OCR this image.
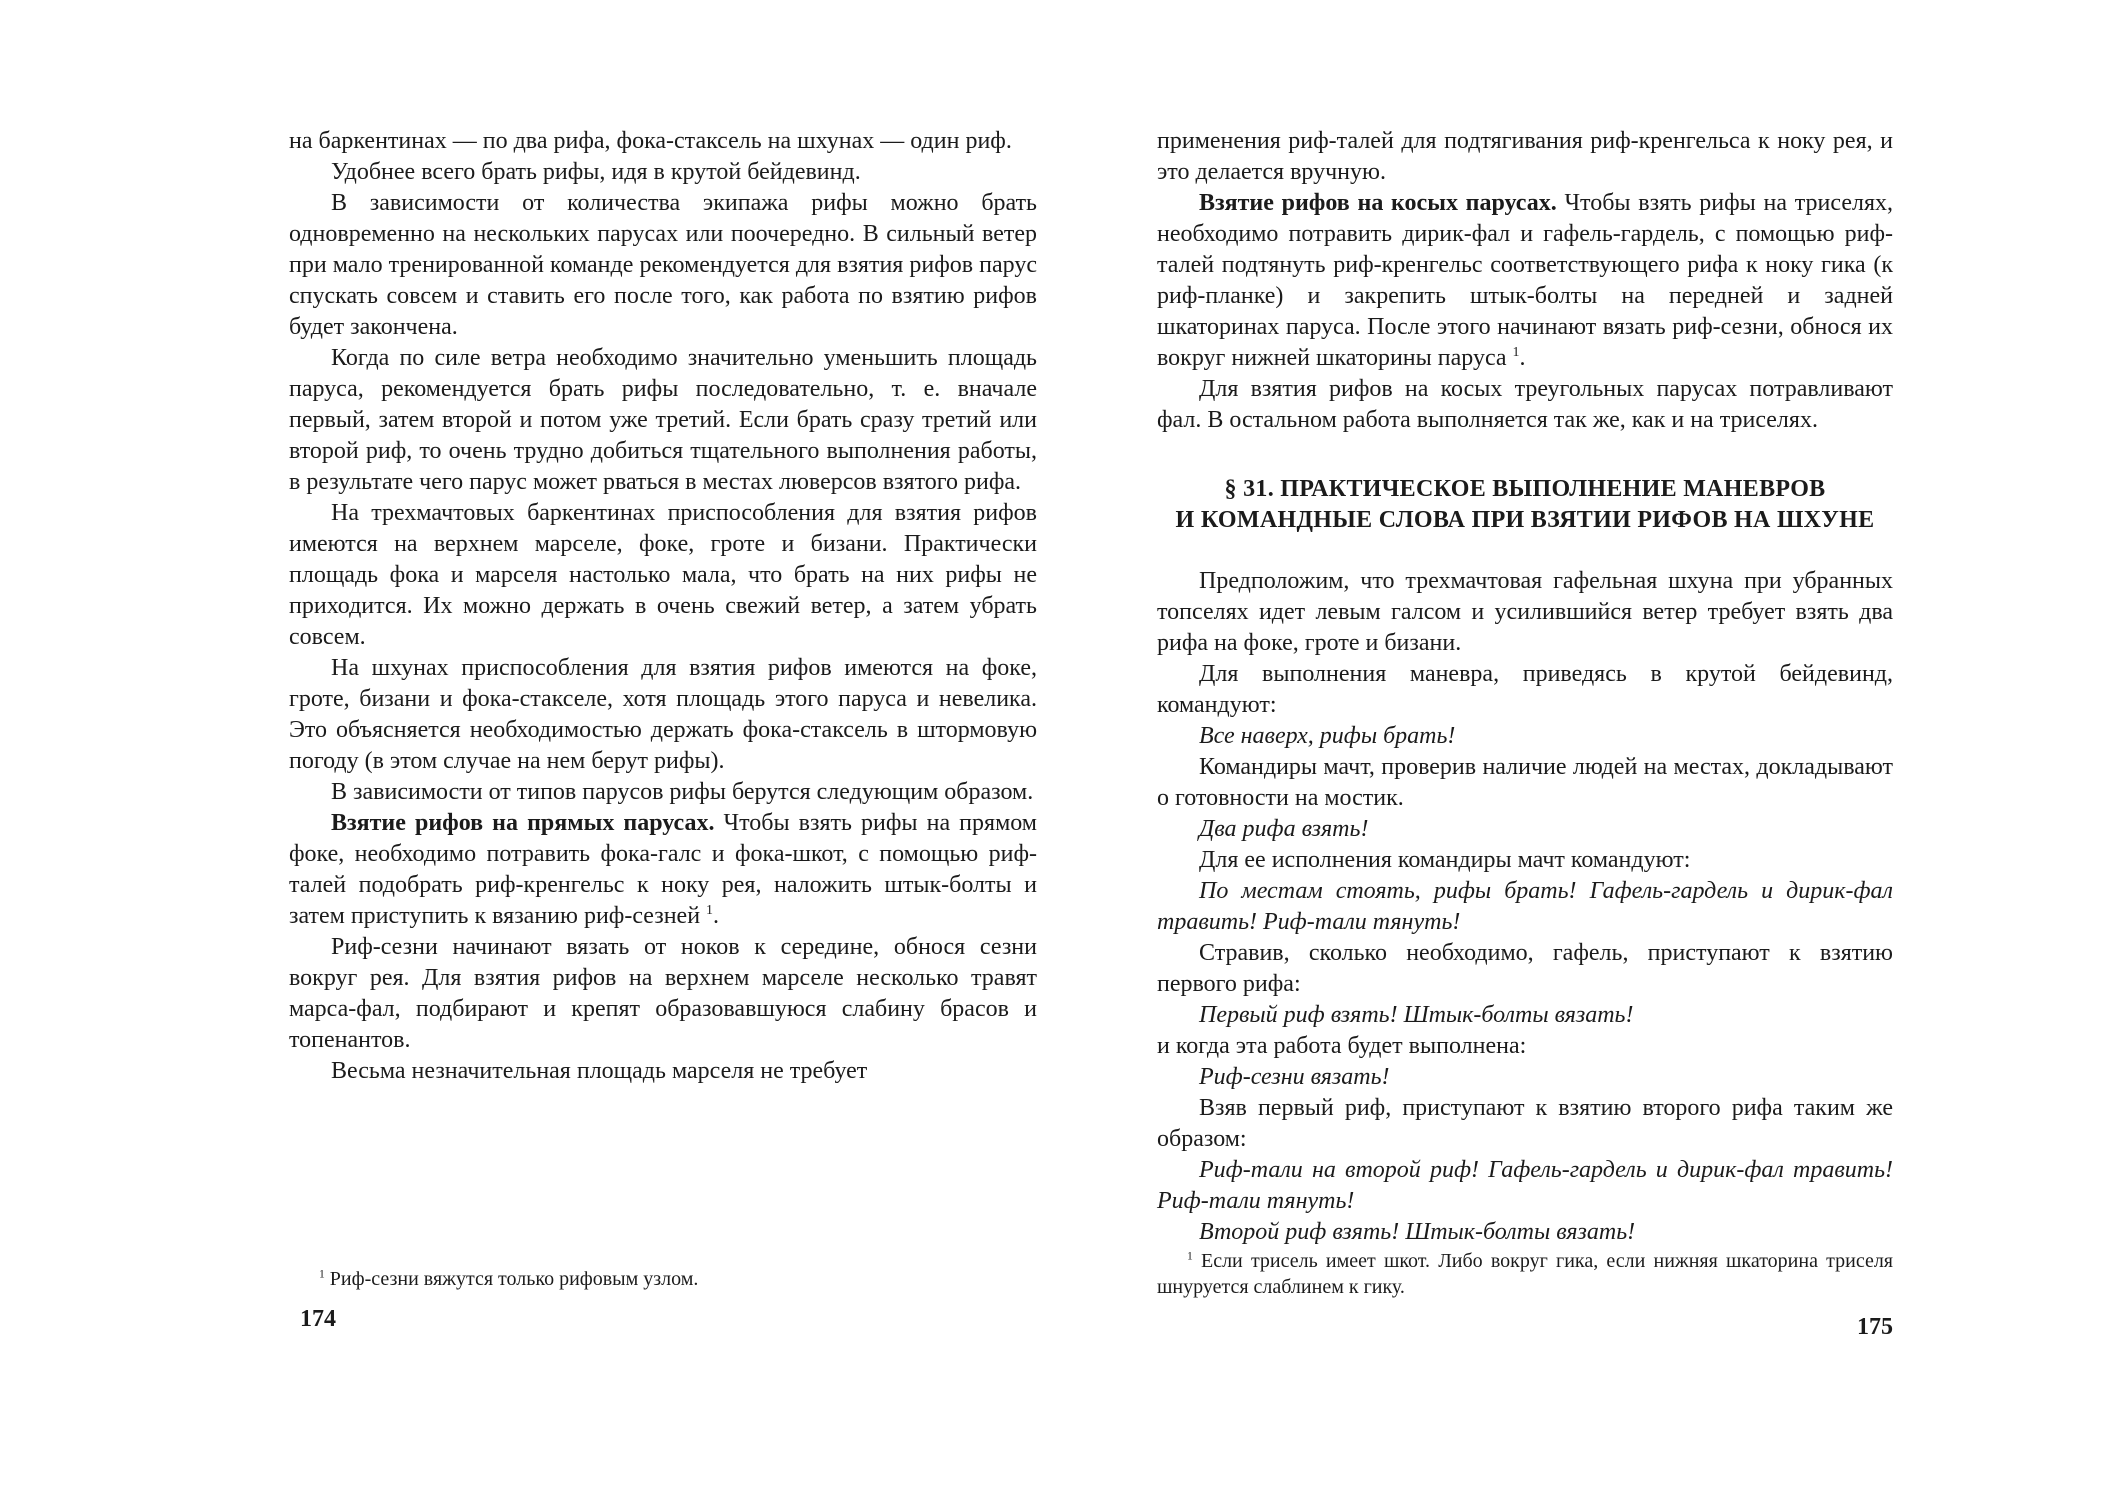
на баркентинах — по два рифа, фока-стаксель на шхунах — один риф.

Удобнее всего брать рифы, идя в крутой бейдевинд.

В зависимости от количества экипажа рифы можно брать одновременно на нескольких парусах или поочередно. В сильный ветер при мало тренированной команде рекомендуется для взятия рифов парус спускать совсем и ставить его после того, как работа по взятию рифов будет закончена.

Когда по силе ветра необходимо значительно уменьшить площадь паруса, рекомендуется брать рифы последовательно, т. е. вначале первый, затем второй и потом уже третий. Если брать сразу третий или второй риф, то очень трудно добиться тщательного выполнения работы, в результате чего парус может рваться в местах люверсов взятого рифа.

На трехмачтовых баркентинах приспособления для взятия рифов имеются на верхнем марселе, фоке, гроте и бизани. Практически площадь фока и марселя настолько мала, что брать на них рифы не приходится. Их можно держать в очень свежий ветер, а затем убрать совсем.

На шхунах приспособления для взятия рифов имеются на фоке, гроте, бизани и фока-стакселе, хотя площадь этого паруса и невелика. Это объясняется необходимостью держать фока-стаксель в штормовую погоду (в этом случае на нем берут рифы).

В зависимости от типов парусов рифы берутся следующим образом.

Взятие рифов на прямых парусах. Чтобы взять рифы на прямом фоке, необходимо потравить фока-галс и фока-шкот, с помощью риф-талей подобрать риф-кренгельс к ноку рея, наложить штык-болты и затем приступить к вязанию риф-сезней $^1$.

Риф-сезни начинают вязать от ноков к середине, обнося сезни вокруг рея. Для взятия рифов на верхнем марселе несколько травят марса-фал, подбирают и крепят образовавшуюся слабину брасов и топенантов.

Весьма незначительная площадь марселя не требует

$^1$ Риф-сезни вяжутся только рифовым узлом.

174

применения риф-талей для подтягивания риф-кренгельса к ноку рея, и это делается вручную.

Взятие рифов на косых парусах. Чтобы взять рифы на триселях, необходимо потравить дирик-фал и гафель-гардель, с помощью риф-талей подтянуть риф-кренгельс соответствующего рифа к ноку гика (к риф-планке) и закрепить штык-болты на передней и задней шкаторинах паруса. После этого начинают вязать риф-сезни, обнося их вокруг нижней шкаторины паруса $^1$.

Для взятия рифов на косых треугольных парусах потравливают фал. В остальном работа выполняется так же, как и на триселях.

§ 31. ПРАКТИЧЕСКОЕ ВЫПОЛНЕНИЕ МАНЕВРОВ

И КОМАНДНЫЕ СЛОВА ПРИ ВЗЯТИИ РИФОВ НА ШХУНЕ

Предположим, что трехмачтовая гафельная шхуна при убранных топселях идет левым галсом и усилившийся ветер требует взять два рифа на фоке, гроте и бизани.

Для выполнения маневра, приведясь в крутой бейдевинд, командуют:

Все наверх, рифы брать!

Командиры мачт, проверив наличие людей на местах, докладывают о готовности на мостик.

Два рифа взять!

Для ее исполнения командиры мачт командуют:

По местам стоять, рифы брать! Гафель-гардель и дирик-фал травить! Риф-тали тянуть!

Стравив, сколько необходимо, гафель, приступают к взятию первого рифа:

Первый риф взять! Штык-болты вязать!

и когда эта работа будет выполнена:

Риф-сезни вязать!

Взяв первый риф, приступают к взятию второго рифа таким же образом:

Риф-тали на второй риф! Гафель-гардель и дирик-фал травить! Риф-тали тянуть!

Второй риф взять! Штык-болты вязать!

$^1$ Если трисель имеет шкот. Либо вокруг гика, если нижняя шкаторина триселя шнуруется слаблинем к гику.

175
